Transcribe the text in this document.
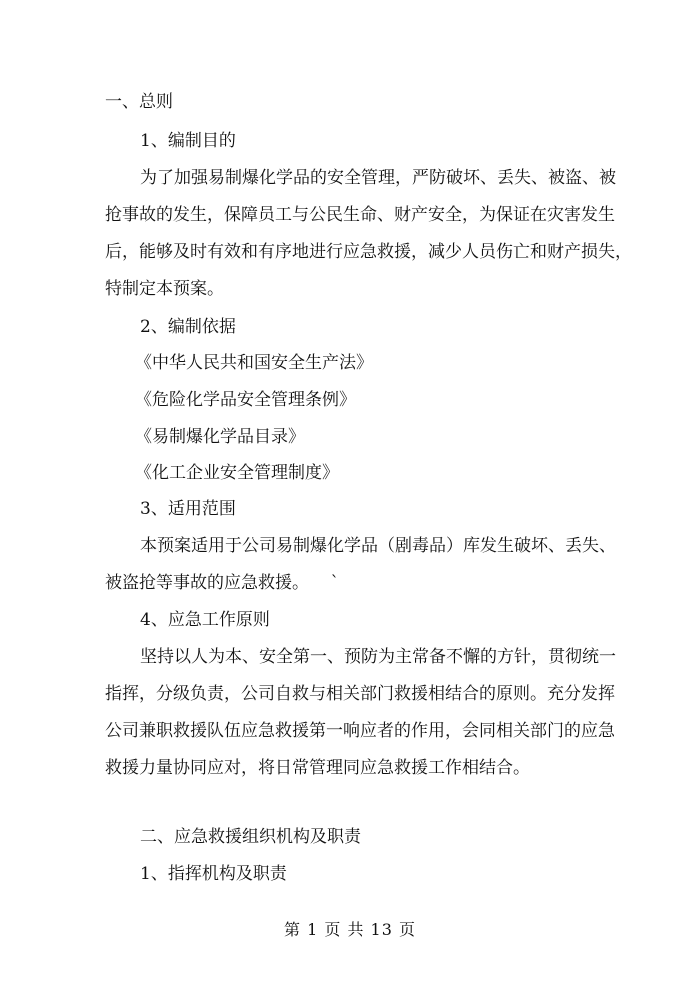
一、总则
1、编制目的
为了加强易制爆化学品的安全管理，严防破坏、丢失、被盗、被
抢事故的发生，保障员工与公民生命、财产安全，为保证在灾害发生
后，能够及时有效和有序地进行应急救援，减少人员伤亡和财产损失，
特制定本预案。
2、编制依据
《中华人民共和国安全生产法》
《危险化学品安全管理条例》
《易制爆化学品目录》
《化工企业安全管理制度》
3、适用范围
本预案适用于公司易制爆化学品（剧毒品）库发生破坏、丢失、
被盗抢等事故的应急救援。    `
4、应急工作原则
坚持以人为本、安全第一、预防为主常备不懈的方针，贯彻统一
指挥，分级负责，公司自救与相关部门救援相结合的原则。充分发挥
公司兼职救援队伍应急救援第一响应者的作用，会同相关部门的应急
救援力量协同应对，将日常管理同应急救援工作相结合。
二、应急救援组织机构及职责
1、指挥机构及职责
第 1 页 共 13 页
